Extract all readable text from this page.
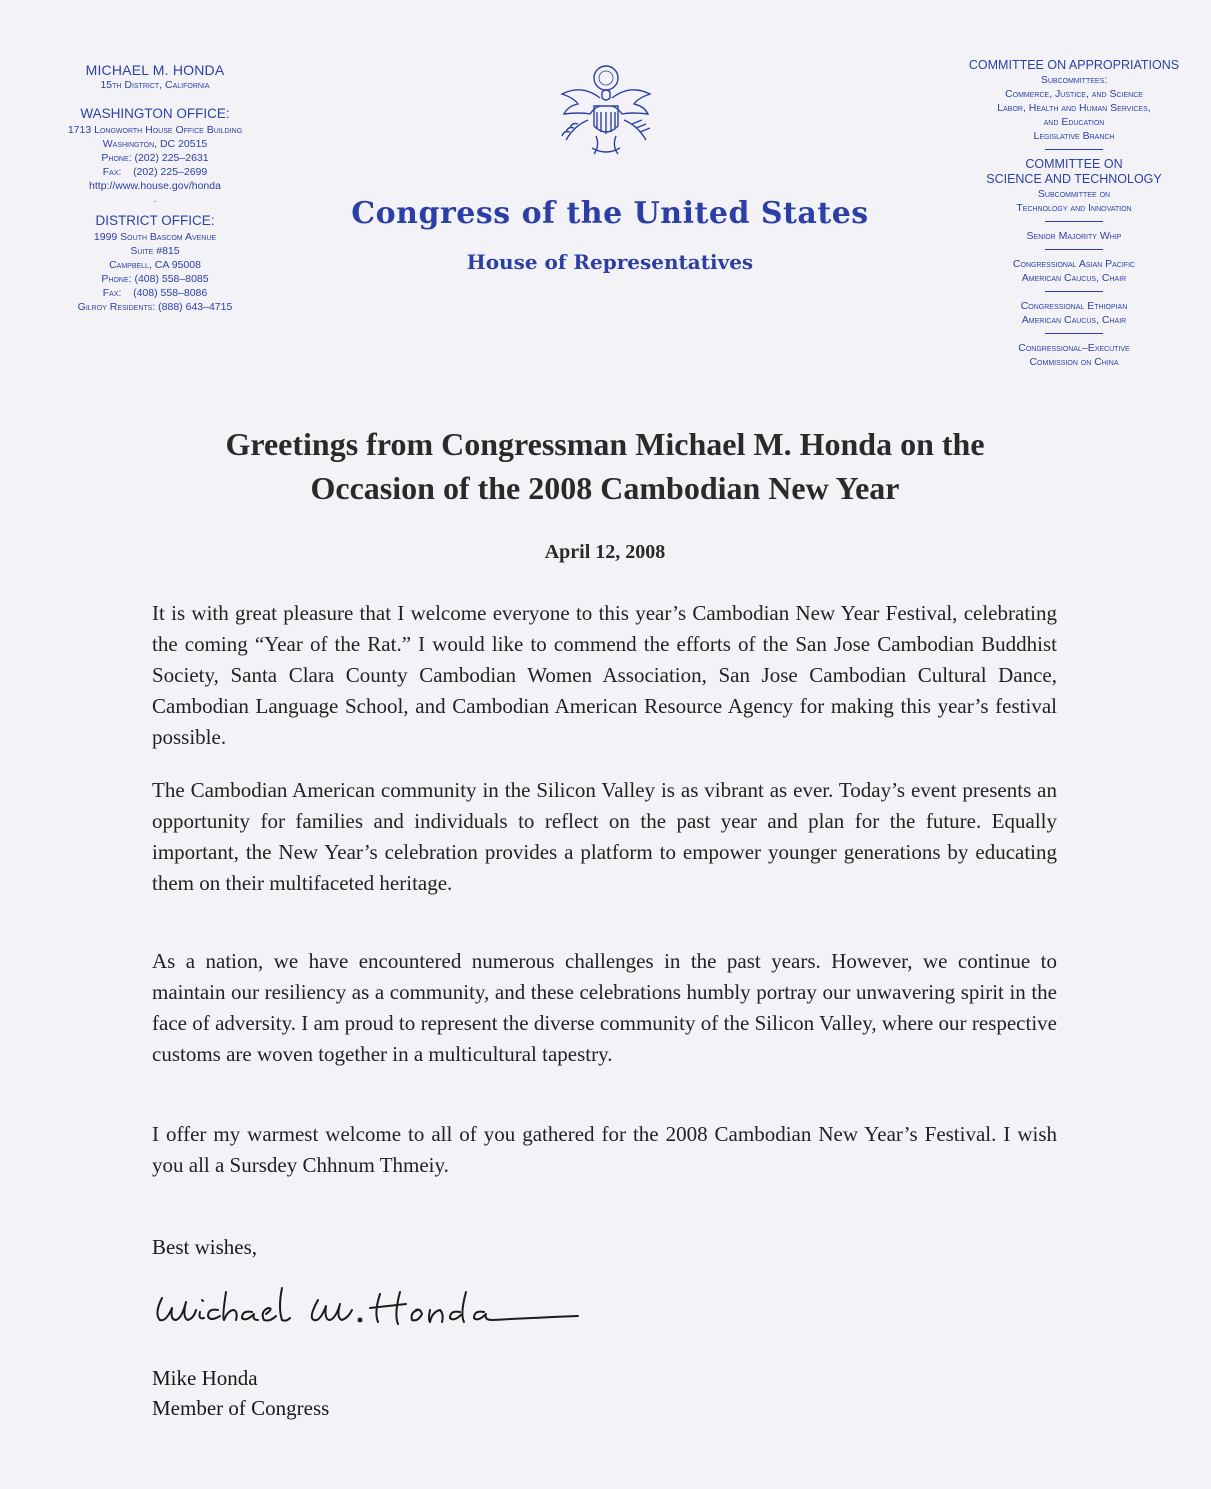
MICHAEL M. HONDA
15th District, California
WASHINGTON OFFICE:
1713 Longworth House Office Building
Washington, DC 20515
Phone: (202) 225–2631
Fax:    (202) 225–2699
http://www.house.gov/honda
·
DISTRICT OFFICE:
1999 South Bascom Avenue
Suite #815
Campbell, CA 95008
Phone: (408) 558–8085
Fax:    (408) 558–8086
Gilroy Residents: (888) 643–4715
Congress of the United States
House of Representatives
COMMITTEE ON APPROPRIATIONS
Subcommittees:
Commerce, Justice, and Science
Labor, Health and Human Services,
and Education
Legislative Branch
COMMITTEE ON
SCIENCE AND TECHNOLOGY
Subcommittee on
Technology and Innovation
Senior Majority Whip
Congressional Asian Pacific
American Caucus, Chair
Congressional Ethiopian
American Caucus, Chair
Congressional–Executive
Commission on China
Greetings from Congressman Michael M. Honda on the
Occasion of the 2008 Cambodian New Year
April 12, 2008
It is with great pleasure that I welcome everyone to this year’s Cambodian New Year Festival, celebrating the coming “Year of the Rat.” I would like to commend the efforts of the San Jose Cambodian Buddhist Society, Santa Clara County Cambodian Women Association, San Jose Cambodian Cultural Dance, Cambodian Language School, and Cambodian American Resource Agency for making this year’s festival possible.
The Cambodian American community in the Silicon Valley is as vibrant as ever. Today’s event presents an opportunity for families and individuals to reflect on the past year and plan for the future. Equally important, the New Year’s celebration provides a platform to empower younger generations by educating them on their multifaceted heritage.
As a nation, we have encountered numerous challenges in the past years. However, we continue to maintain our resiliency as a community, and these celebrations humbly portray our unwavering spirit in the face of adversity. I am proud to represent the diverse community of the Silicon Valley, where our respective customs are woven together in a multicultural tapestry.
I offer my warmest welcome to all of you gathered for the 2008 Cambodian New Year’s Festival. I wish you all a Sursdey Chhnum Thmeiy.
Best wishes,
Mike Honda
Member of Congress
